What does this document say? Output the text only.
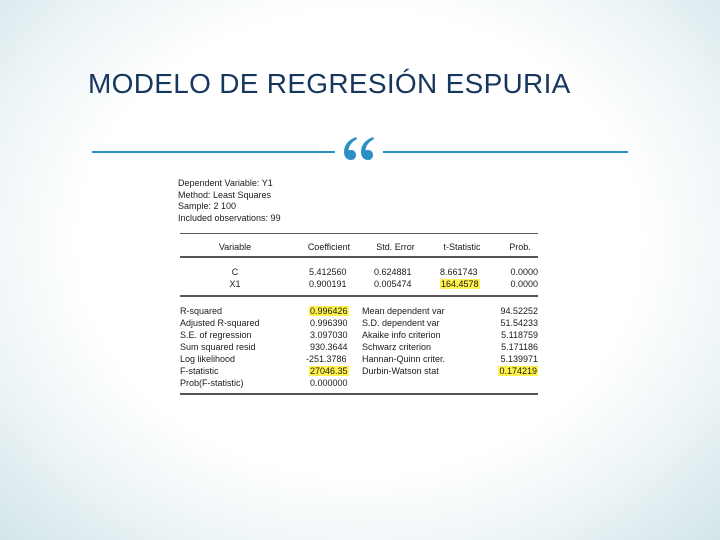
MODELO DE REGRESIÓN ESPURIA
Dependent Variable: Y1
Method: Least Squares
Sample: 2 100
Included observations: 99
Variable	Coefficient	Std. Error	t-Statistic	Prob.
C	5.412560	0.624881	8.661743	0.0000
X1	0.900191	0.005474	164.4578	0.0000
R-squared	0.996426 Mean dependent var	94.52252
Adjusted R-squared	0.996390 S.D. dependent var	51.54233
S.E. of regression	3.097030 Akaike info criterion	5.118759
Sum squared resid	930.3644 Schwarz criterion	5.171186
Log likelihood	-251.3786 Hannan-Quinn criter.	5.139971
F-statistic	27046.35 Durbin-Watson stat	0.174219
Prob(F-statistic)	0.000000
